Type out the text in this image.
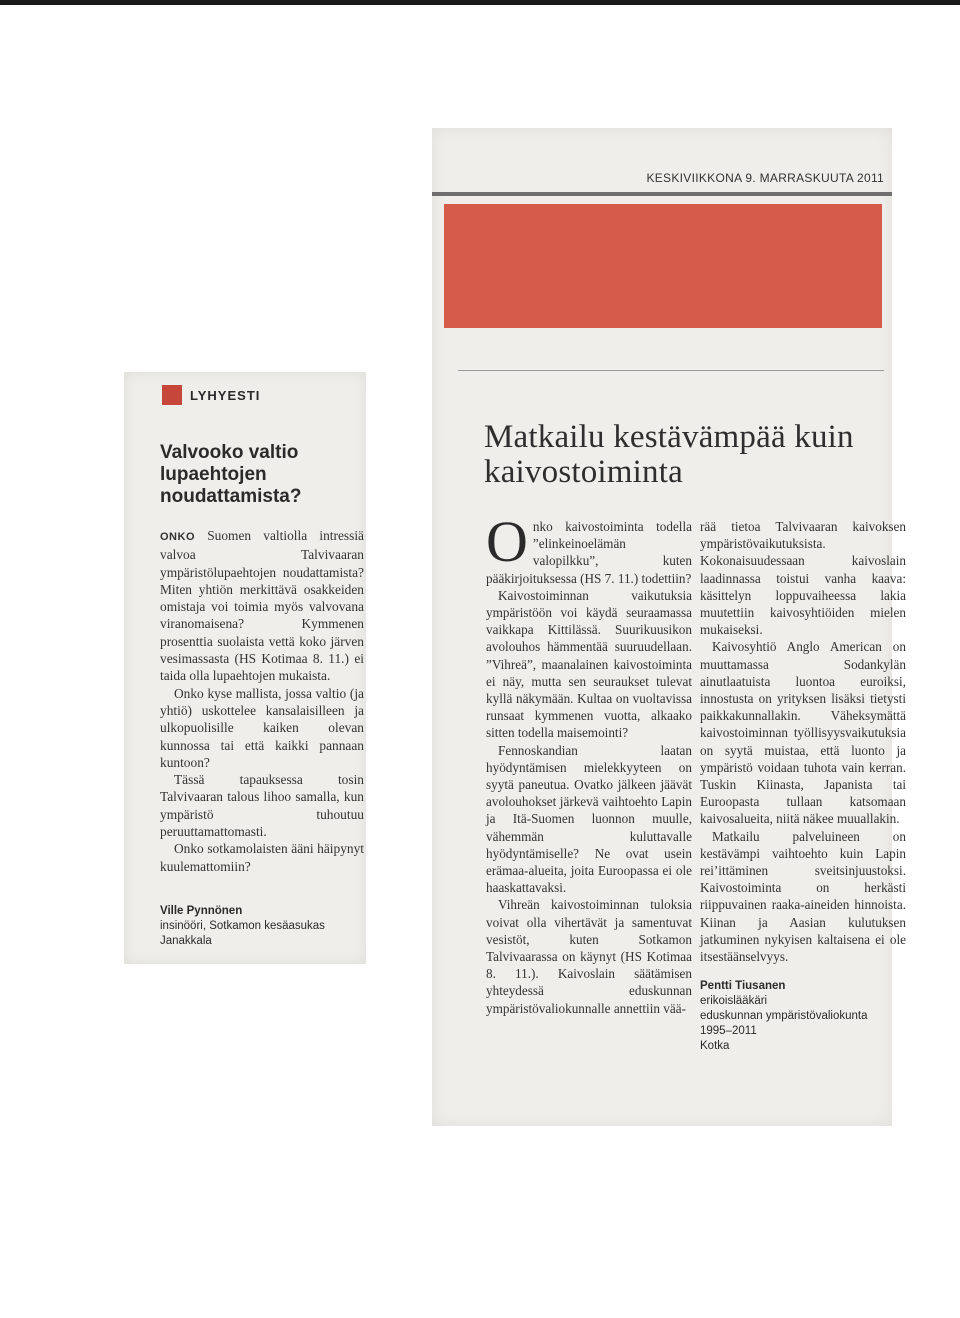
LYHYESTI
Valvooko valtio lupaehtojen noudattamista?

ONKO Suomen valtiolla intressiä valvoa Talvivaaran ympäristölupaehtojen noudattamista? Miten yhtiön merkittävä osakkeiden omistaja voi toimia myös valvovana viranomaisena? Kymmenen prosenttia suolaista vettä koko järven vesimassasta (HS Kotimaa 8. 11.) ei taida olla lupaehtojen mukaista.

Onko kyse mallista, jossa valtio (ja yhtiö) uskottelee kansalaisilleen ja ulkopuolisille kaiken olevan kunnossa tai että kaikki pannaan kuntoon?

Tässä tapauksessa tosin Talvivaaran talous lihoo samalla, kun ympäristö tuhoutuu peruuttamattomasti.

Onko sotkamolaisten ääni häipynyt kuulemattomiin?

Ville Pynnönen
insinööri, Sotkamon kesäasukas
Janakkala
KESKIVIIKKONA 9. MARRASKUUTA 2011
Matkailu kestävämpää kuin kaivostoiminta

Onko kaivostoiminta todella ”elinkeinoelämän valopilkku”, kuten pääkirjoituksessa (HS 7. 11.) todettiin?

Kaivostoiminnan vaikutuksia ympäristöön voi käydä seuraamassa vaikkapa Kittilässä. Suurikuusikon avolouhos hämmentää suuruudellaan. ”Vihreä”, maanalainen kaivostoiminta ei näy, mutta sen seuraukset tulevat kyllä näkymään. Kultaa on vuoltavissa runsaat kymmenen vuotta, alkaako sitten todella maisemointi?

Fennoskandian laatan hyödyntämisen mielekkyyteen on syytä paneutua. Ovatko jälkeen jäävät avolouhokset järkevä vaihtoehto Lapin ja Itä-Suomen luonnon muulle, vähemmän kuluttavalle hyödyntämiselle? Ne ovat usein erämaa-alueita, joita Euroopassa ei ole haaskattavaksi.

Vihreän kaivostoiminnan tuloksia voivat olla vihertävät ja samentuvat vesistöt, kuten Sotkamon Talvivaarassa on käynyt (HS Kotimaa 8. 11.). Kaivoslain säätämisen yhteydessä eduskunnan ympäristövaliokunnalle annettiin vää-

rää tietoa Talvivaaran kaivoksen ympäristövaikutuksista. Kokonaisuudessaan kaivoslain laadinnassa toistui vanha kaava: käsittelyn loppuvaiheessa lakia muutettiin kaivosyhtiöiden mielen mukaiseksi.

Kaivosyhtiö Anglo American on muuttamassa Sodankylän ainutlaatuista luontoa euroiksi, innostusta on yrityksen lisäksi tietysti paikkakunnallakin. Väheksymättä kaivostoiminnan työllisyysvaikutuksia on syytä muistaa, että luonto ja ympäristö voidaan tuhota vain kerran. Tuskin Kiinasta, Japanista tai Euroopasta tullaan katsomaan kaivosalueita, niitä näkee muuallakin.

Matkailu palveluineen on kestävämpi vaihtoehto kuin Lapin rei’ittäminen sveitsinjuustoksi. Kaivostoiminta on herkästi riippuvainen raaka-aineiden hinnoista. Kiinan ja Aasian kulutuksen jatkuminen nykyisen kaltaisena ei ole itsestäänselvyys.

Pentti Tiusanen
erikoislääkäri
eduskunnan ympäristövaliokunta
1995–2011
Kotka
